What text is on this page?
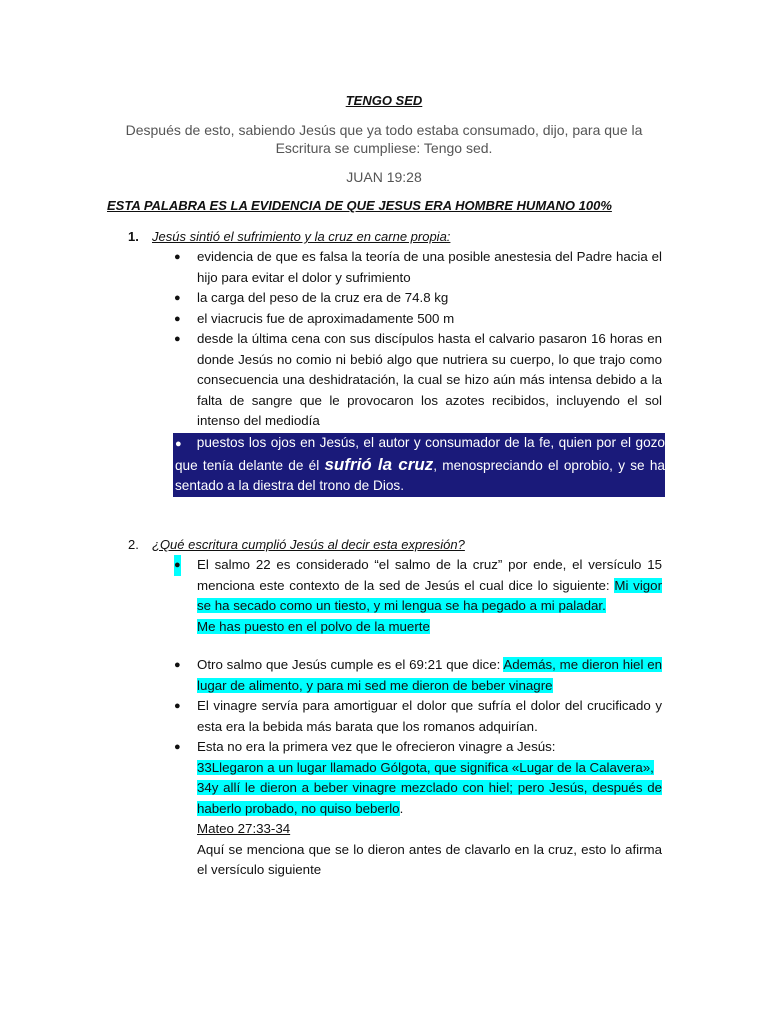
TENGO SED
Después de esto, sabiendo Jesús que ya todo estaba consumado, dijo, para que la Escritura se cumpliese: Tengo sed.
JUAN 19:28
ESTA PALABRA ES LA EVIDENCIA DE QUE JESUS ERA HOMBRE HUMANO 100%
1. Jesús sintió el sufrimiento y la cruz en carne propia:
● evidencia de que es falsa la teoría de una posible anestesia del Padre hacia el hijo para evitar el dolor y sufrimiento
● la carga del peso de la cruz era de 74.8 kg
● el viacrucis fue de aproximadamente 500 m
● desde la última cena con sus discípulos hasta el calvario pasaron 16 horas en donde Jesús no comio ni bebió algo que nutriera su cuerpo, lo que trajo como consecuencia una deshidratación, la cual se hizo aún más intensa debido a la falta de sangre que le provocaron los azotes recibidos, incluyendo el sol intenso del mediodía
● puestos los ojos en Jesús, el autor y consumador de la fe, quien por el gozo que tenía delante de él sufrió la cruz, menospreciando el oprobio, y se ha sentado a la diestra del trono de Dios.
2. ¿Qué escritura cumplió Jesús al decir esta expresión?
● El salmo 22 es considerado “el salmo de la cruz” por ende, el versículo 15 menciona este contexto de la sed de Jesús el cual dice lo siguiente: Mi vigor se ha secado como un tiesto, y mi lengua se ha pegado a mi paladar.
Me has puesto en el polvo de la muerte
● Otro salmo que Jesús cumple es el 69:21 que dice: Además, me dieron hiel en lugar de alimento, y para mi sed me dieron de beber vinagre
● El vinagre servía para amortiguar el dolor que sufría el dolor del crucificado y esta era la bebida más barata que los romanos adquirían.
● Esta no era la primera vez que le ofrecieron vinagre a Jesús:
33Llegaron a un lugar llamado Gólgota, que significa «Lugar de la Calavera»,
34y allí le dieron a beber vinagre mezclado con hiel; pero Jesús, después de haberlo probado, no quiso beberlo.
Mateo 27:33-34
Aquí se menciona que se lo dieron antes de clavarlo en la cruz, esto lo afirma el versículo siguiente
